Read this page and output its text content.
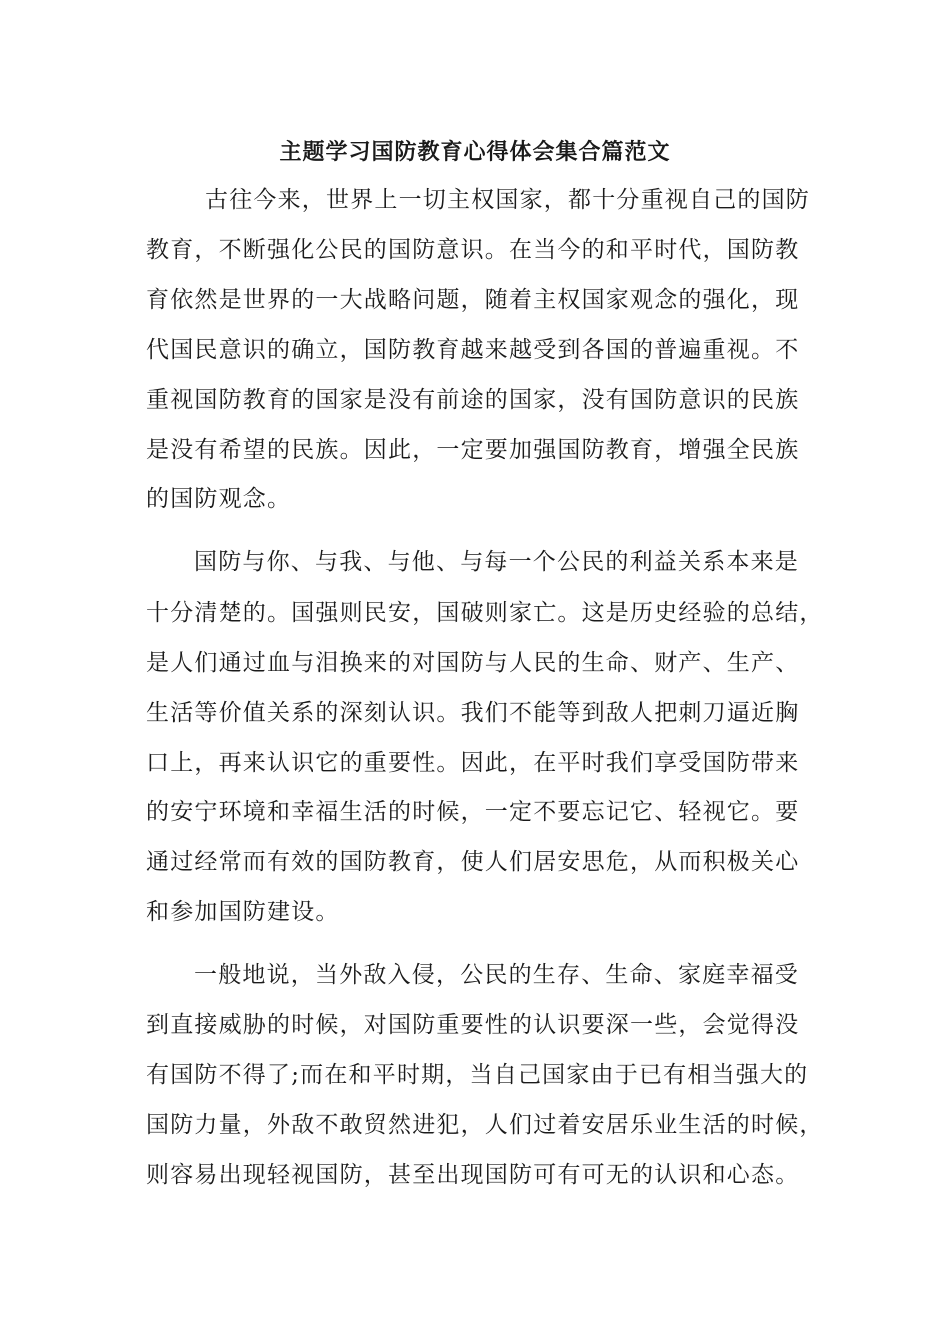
主题学习国防教育心得体会集合篇范文

古往今来，世界上一切主权国家，都十分重视自己的国防

教育，不断强化公民的国防意识。在当今的和平时代，国防教

育依然是世界的一大战略问题，随着主权国家观念的强化，现

代国民意识的确立，国防教育越来越受到各国的普遍重视。不

重视国防教育的国家是没有前途的国家，没有国防意识的民族

是没有希望的民族。因此，一定要加强国防教育，增强全民族

的国防观念。

国防与你、与我、与他、与每一个公民的利益关系本来是

十分清楚的。国强则民安，国破则家亡。这是历史经验的总结，

是人们通过血与泪换来的对国防与人民的生命、财产、生产、

生活等价值关系的深刻认识。我们不能等到敌人把刺刀逼近胸

口上，再来认识它的重要性。因此，在平时我们享受国防带来

的安宁环境和幸福生活的时候，一定不要忘记它、轻视它。要

通过经常而有效的国防教育，使人们居安思危，从而积极关心

和参加国防建设。

一般地说，当外敌入侵，公民的生存、生命、家庭幸福受

到直接威胁的时候，对国防重要性的认识要深一些，会觉得没

有国防不得了;而在和平时期，当自己国家由于已有相当强大的

国防力量，外敌不敢贸然进犯，人们过着安居乐业生活的时候，

则容易出现轻视国防，甚至出现国防可有可无的认识和心态。
